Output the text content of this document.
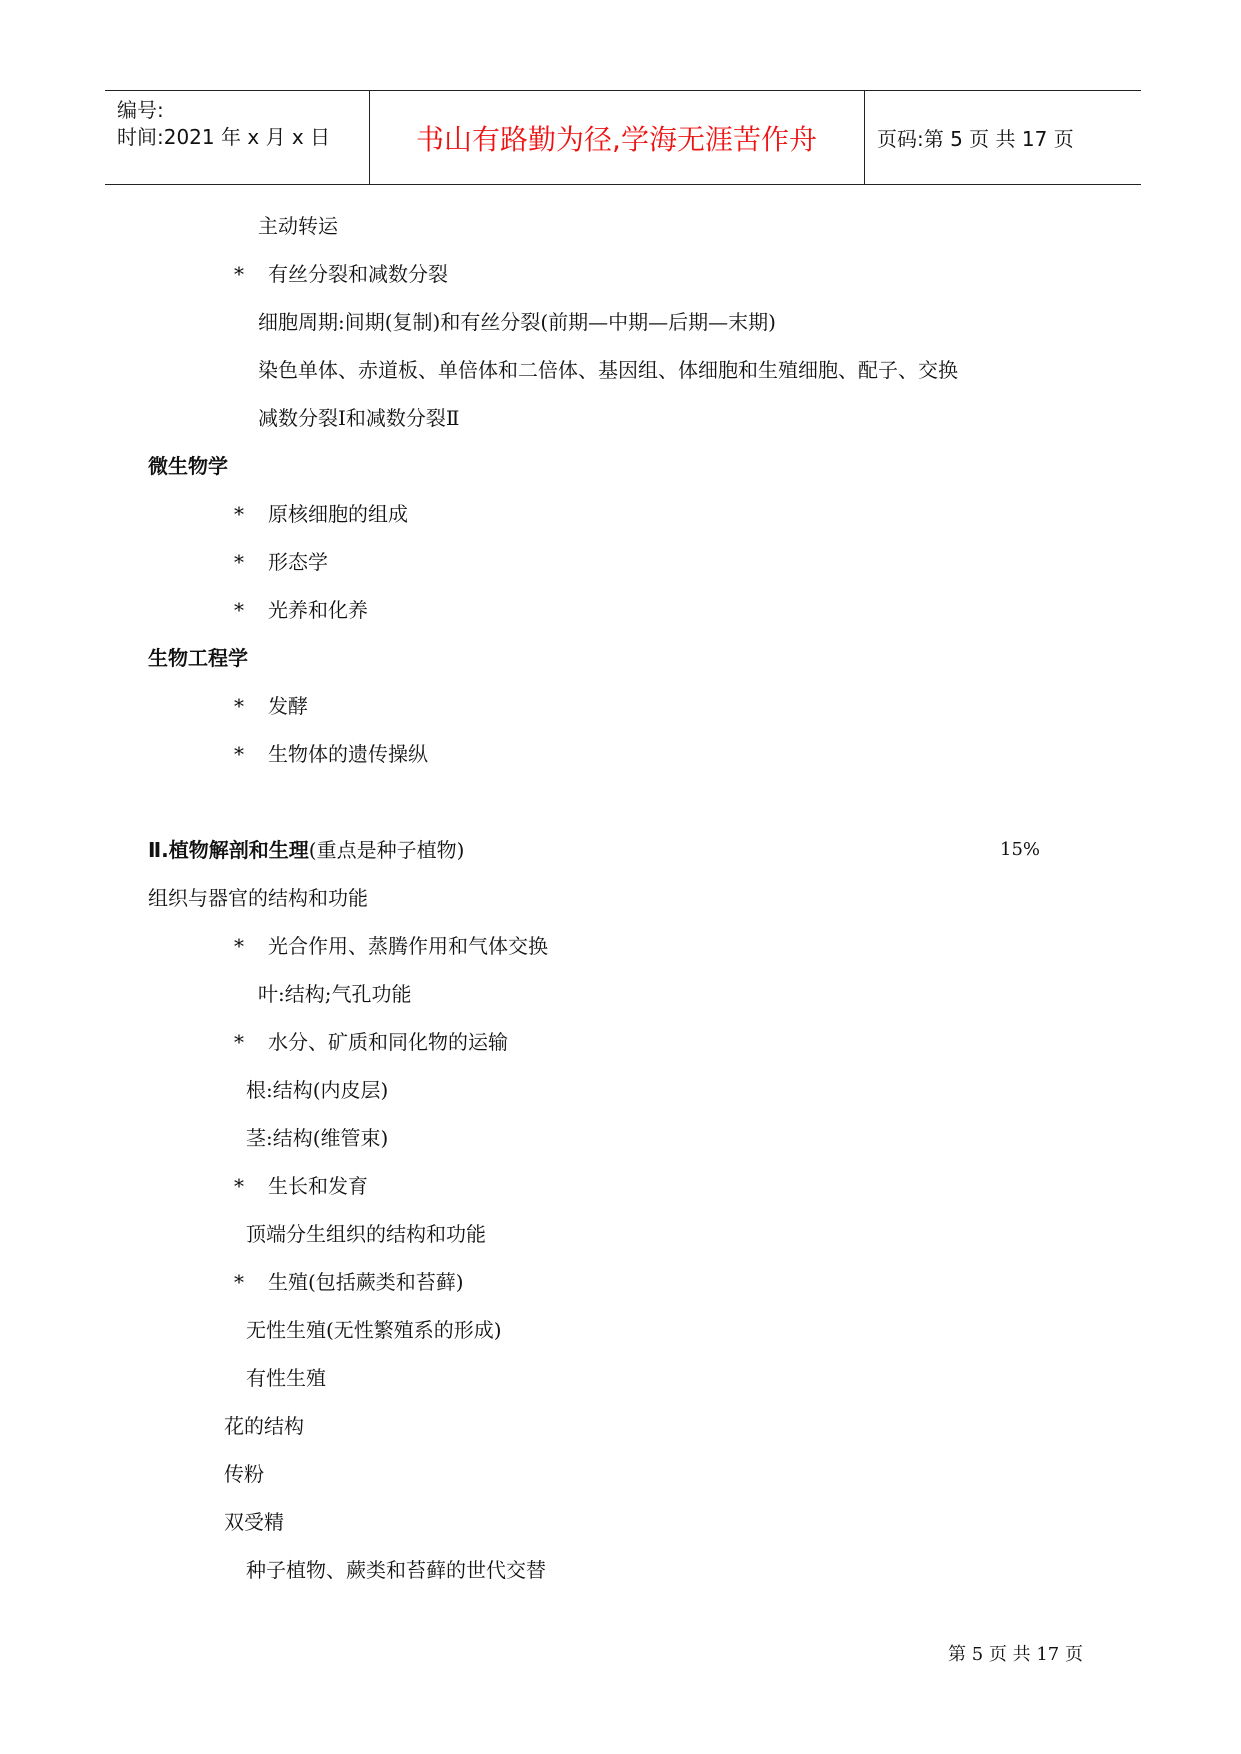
编号:
时间:2021 年 x 月 x 日	书山有路勤为径,学海无涯苦作舟	页码:第 5 页 共 17 页
主动转运
* 有丝分裂和减数分裂
细胞周期:间期(复制)和有丝分裂(前期—中期—后期—末期)
染色单体、赤道板、单倍体和二倍体、基因组、体细胞和生殖细胞、配子、交换
减数分裂Ⅰ和减数分裂Ⅱ
微生物学
* 原核细胞的组成
* 形态学
* 光养和化养
生物工程学
* 发酵
* 生物体的遗传操纵
Ⅱ.植物解剖和生理(重点是种子植物)	15%
组织与器官的结构和功能
* 光合作用、蒸腾作用和气体交换
叶:结构;气孔功能
* 水分、矿质和同化物的运输
根:结构(内皮层)
茎:结构(维管束)
* 生长和发育
顶端分生组织的结构和功能
* 生殖(包括蕨类和苔藓)
无性生殖(无性繁殖系的形成)
有性生殖
花的结构
传粉
双受精
种子植物、蕨类和苔藓的世代交替
第 5 页 共 17 页
